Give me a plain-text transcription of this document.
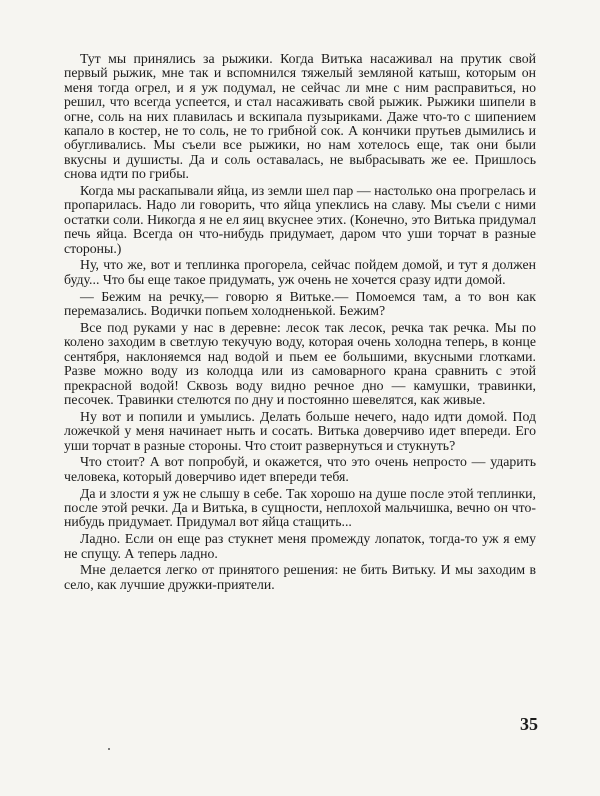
Тут мы принялись за рыжики. Когда Витька насаживал на прутик свой первый рыжик, мне так и вспомнился тяжелый земляной катыш, которым он меня тогда огрел, и я уж подумал, не сейчас ли мне с ним расправиться, но решил, что всегда успеется, и стал насаживать свой рыжик. Рыжики шипели в огне, соль на них плавилась и вскипала пузыриками. Даже что-то с шипением капало в костер, не то соль, не то грибной сок. А кончики прутьев дымились и обугливались. Мы съели все рыжики, но нам хотелось еще, так они были вкусны и душисты. Да и соль оставалась, не выбрасывать же ее. Пришлось снова идти по грибы.

Когда мы раскапывали яйца, из земли шел пар — настолько она прогрелась и пропарилась. Надо ли говорить, что яйца упеклись на славу. Мы съели с ними остатки соли. Никогда я не ел яиц вкуснее этих. (Конечно, это Витька придумал печь яйца. Всегда он что-нибудь придумает, даром что уши торчат в разные стороны.)

Ну, что же, вот и теплинка прогорела, сейчас пойдем домой, и тут я должен буду... Что бы еще такое придумать, уж очень не хочется сразу идти домой.

— Бежим на речку,— говорю я Витьке.— Помоемся там, а то вон как перемазались. Водички попьем холодненькой. Бежим?

Все под руками у нас в деревне: лесок так лесок, речка так речка. Мы по колено заходим в светлую текучую воду, которая очень холодна теперь, в конце сентября, наклоняемся над водой и пьем ее большими, вкусными глотками. Разве можно воду из колодца или из самоварного крана сравнить с этой прекрасной водой! Сквозь воду видно речное дно — камушки, травинки, песочек. Травинки стелются по дну и постоянно шевелятся, как живые.

Ну вот и попили и умылись. Делать больше нечего, надо идти домой. Под ложечкой у меня начинает ныть и сосать. Витька доверчиво идет впереди. Его уши торчат в разные стороны. Что стоит развернуться и стукнуть?

Что стоит? А вот попробуй, и окажется, что это очень непросто — ударить человека, который доверчиво идет впереди тебя.

Да и злости я уж не слышу в себе. Так хорошо на душе после этой теплинки, после этой речки. Да и Витька, в сущности, неплохой мальчишка, вечно он что-нибудь придумает. Придумал вот яйца стащить...

Ладно. Если он еще раз стукнет меня промежду лопаток, тогда-то уж я ему не спущу. А теперь ладно.

Мне делается легко от принятого решения: не бить Витьку. И мы заходим в село, как лучшие дружки-приятели.

35
